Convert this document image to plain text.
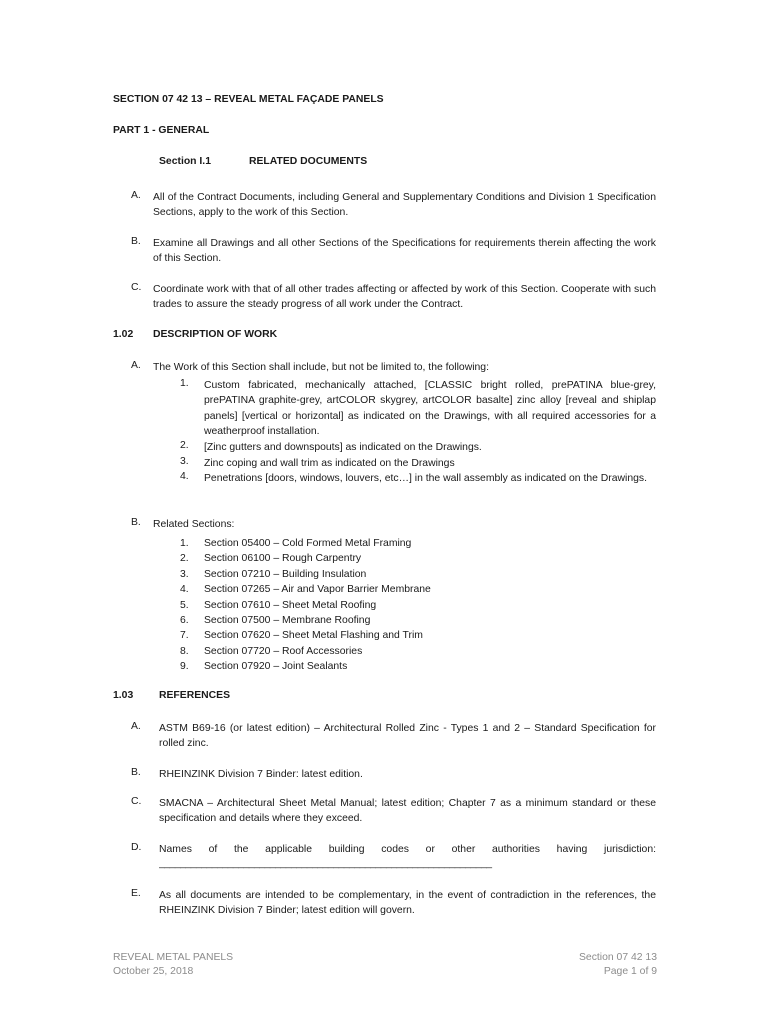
SECTION 07 42 13 – REVEAL METAL FAÇADE PANELS
PART 1 - GENERAL
Section I.1	RELATED DOCUMENTS
A. All of the Contract Documents, including General and Supplementary Conditions and Division 1 Specification Sections, apply to the work of this Section.

B. Examine all Drawings and all other Sections of the Specifications for requirements therein affecting the work of this Section.

C. Coordinate work with that of all other trades affecting or affected by work of this Section. Cooperate with such trades to assure the steady progress of all work under the Contract.

1.02 DESCRIPTION OF WORK
A. The Work of this Section shall include, but not be limited to, the following:

1. Custom fabricated, mechanically attached, [CLASSIC bright rolled, prePATINA blue-grey, prePATINA graphite-grey, artCOLOR skygrey, artCOLOR basalte] zinc alloy [reveal and shiplap panels] [vertical or horizontal] as indicated on the Drawings, with all required accessories for a weatherproof installation.

2. [Zinc gutters and downspouts] as indicated on the Drawings.

3. Zinc coping and wall trim as indicated on the Drawings

4. Penetrations [doors, windows, louvers, etc…] in the wall assembly as indicated on the Drawings.

B. Related Sections:

1.	Section 05400 – Cold Formed Metal Framing
2.	Section 06100 – Rough Carpentry
3.	Section 07210 – Building Insulation
4.	Section 07265 – Air and Vapor Barrier Membrane
5.	Section 07610 – Sheet Metal Roofing
6.	Section 07500 – Membrane Roofing
7.	Section 07620 – Sheet Metal Flashing and Trim
8.	Section 07720 – Roof Accessories
9.	Section 07920 – Joint Sealants
1.03 REFERENCES
A. ASTM B69-16 (or latest edition) – Architectural Rolled Zinc - Types 1 and 2 – Standard Specification for rolled zinc.

B. RHEINZINK Division 7 Binder: latest edition.

C. SMACNA – Architectural Sheet Metal Manual; latest edition; Chapter 7 as a minimum standard or these specification and details where they exceed.

D. Names of the applicable building codes or other authorities having jurisdiction:

_______________________________________________________________
E. As all documents are intended to be complementary, in the event of contradiction in the references, the RHEINZINK Division 7 Binder; latest edition will govern.

REVEAL METAL PANELS
October 25, 2018
Section 07 42 13
Page 1 of 9
